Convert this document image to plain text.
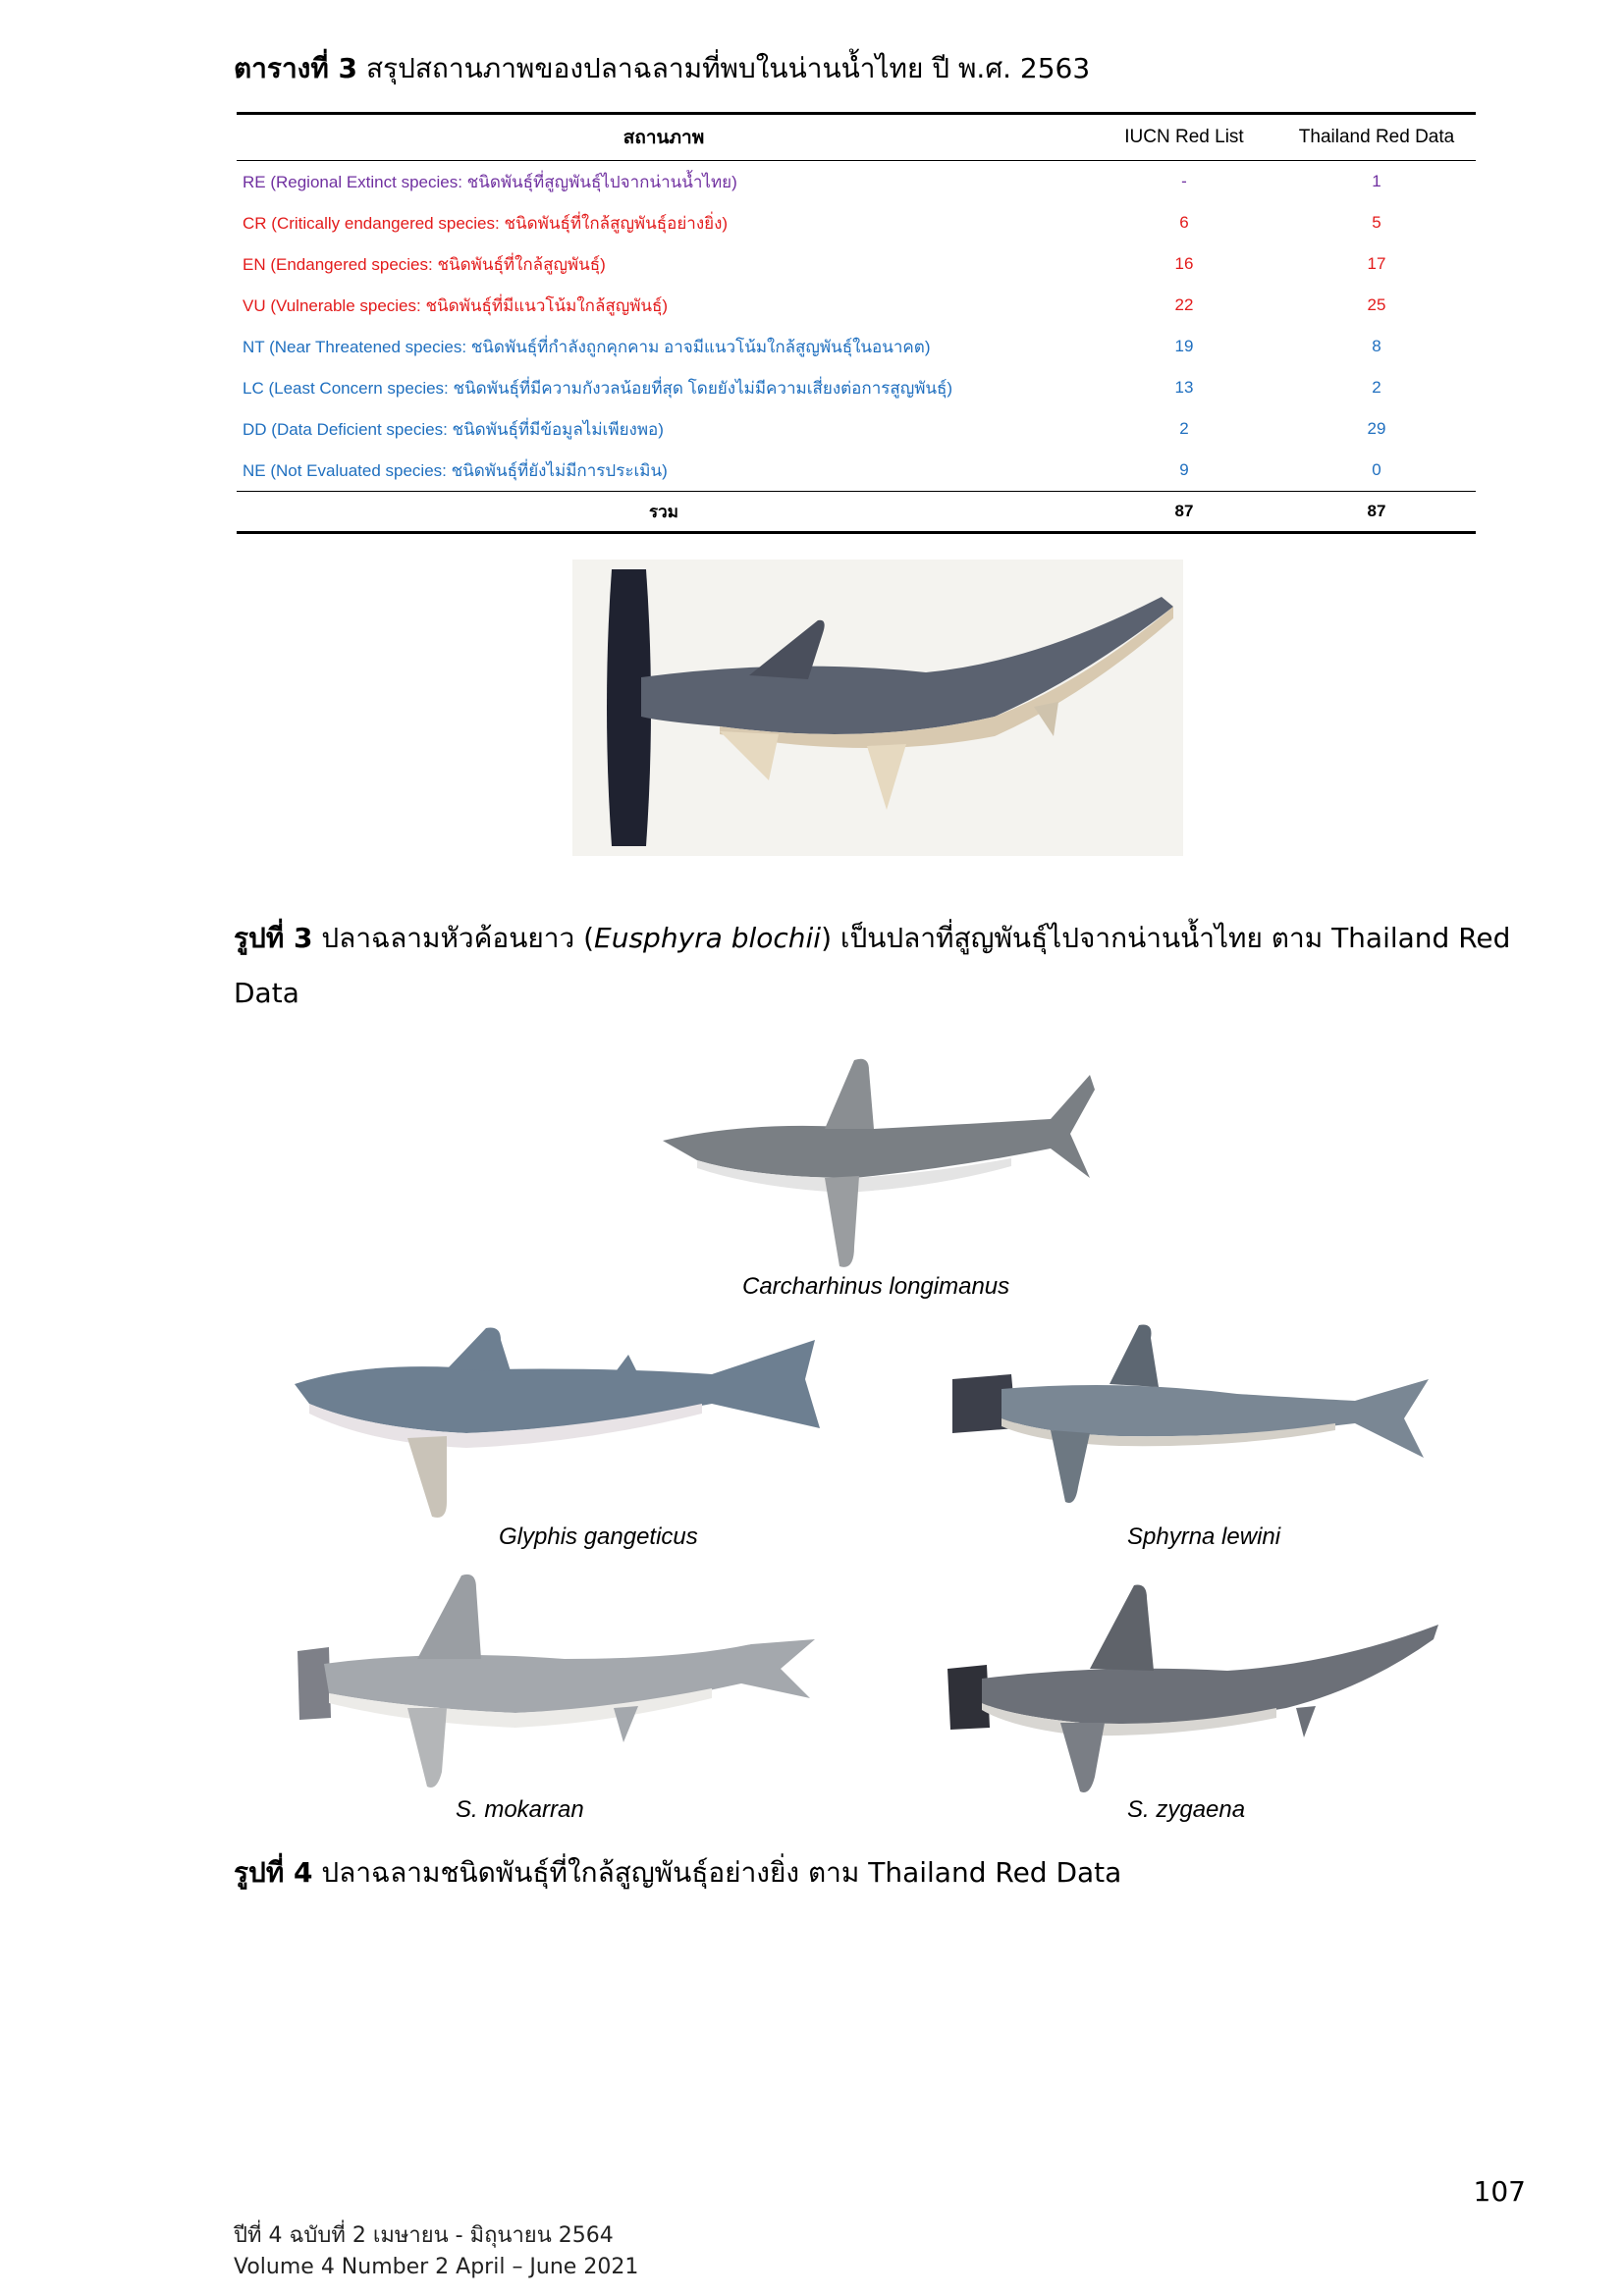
ตารางที่ 3 สรุปสถานภาพของปลาฉลามที่พบในน่านน้ำไทย ปี พ.ศ. 2563
สถานภาพ	IUCN Red List	Thailand Red Data
RE (Regional Extinct species: ชนิดพันธุ์ที่สูญพันธุ์ไปจากน่านน้ำไทย)	-	1
CR (Critically endangered species: ชนิดพันธุ์ที่ใกล้สูญพันธุ์อย่างยิ่ง)	6	5
EN (Endangered species: ชนิดพันธุ์ที่ใกล้สูญพันธุ์)	16	17
VU (Vulnerable species: ชนิดพันธุ์ที่มีแนวโน้มใกล้สูญพันธุ์)	22	25
NT (Near Threatened species: ชนิดพันธุ์ที่กำลังถูกคุกคาม อาจมีแนวโน้มใกล้สูญพันธุ์ในอนาคต)	19	8
LC (Least Concern species: ชนิดพันธุ์ที่มีความกังวลน้อยที่สุด โดยยังไม่มีความเสี่ยงต่อการสูญพันธุ์)	13	2
DD (Data Deficient species: ชนิดพันธุ์ที่มีข้อมูลไม่เพียงพอ)	2	29
NE (Not Evaluated species: ชนิดพันธุ์ที่ยังไม่มีการประเมิน)	9	0
รวม	87	87
รูปที่ 3 ปลาฉลามหัวค้อนยาว (Eusphyra blochii) เป็นปลาที่สูญพันธุ์ไปจากน่านน้ำไทย ตาม Thailand Red Data
Carcharhinus longimanus
Glyphis gangeticus	Sphyrna lewini
S. mokarran	S. zygaena
รูปที่ 4 ปลาฉลามชนิดพันธุ์ที่ใกล้สูญพันธุ์อย่างยิ่ง ตาม Thailand Red Data
107
ปีที่ 4 ฉบับที่ 2 เมษายน - มิถุนายน 2564
Volume 4 Number 2 April – June 2021
